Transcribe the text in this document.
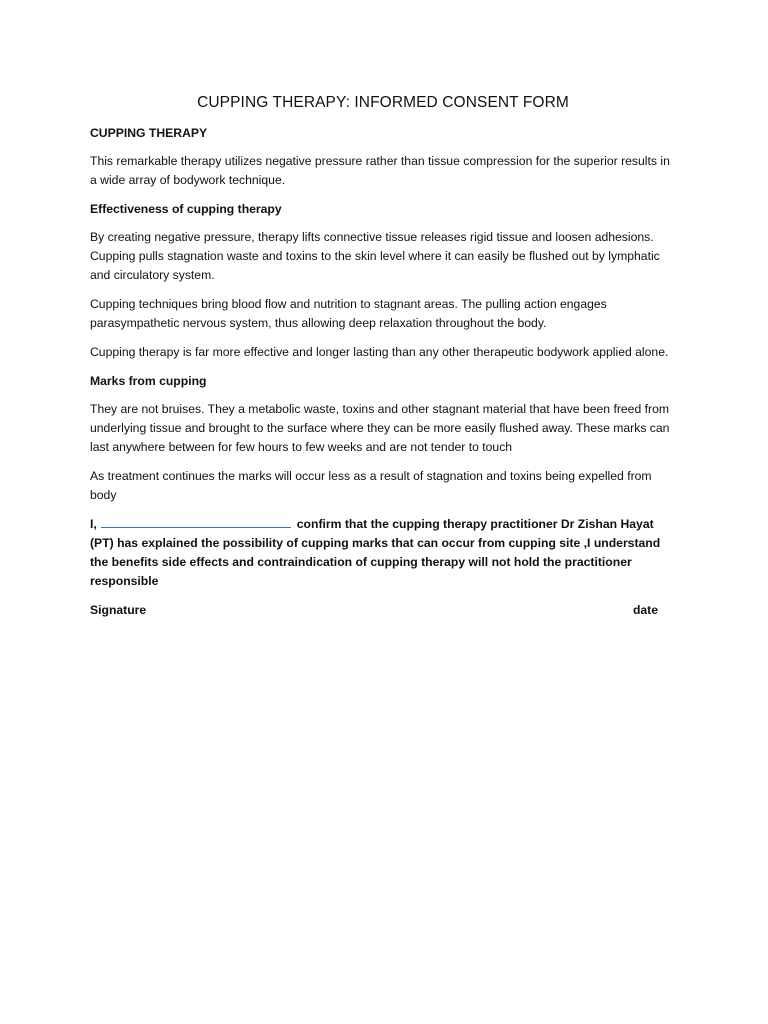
CUPPING THERAPY: INFORMED CONSENT FORM
CUPPING THERAPY

This remarkable therapy utilizes negative pressure rather than tissue compression for the superior results in a wide array of bodywork technique.

Effectiveness of cupping therapy

By creating negative pressure, therapy lifts connective tissue releases rigid tissue and loosen adhesions. Cupping pulls stagnation waste and toxins to the skin level where it can easily be flushed out by lymphatic and circulatory system.

Cupping techniques bring blood flow and nutrition to stagnant areas. The pulling action engages parasympathetic nervous system, thus allowing deep relaxation throughout the body.

Cupping therapy is far more effective and longer lasting than any other therapeutic bodywork applied alone.

Marks from cupping

They are not bruises. They a metabolic waste, toxins and other stagnant material that have been freed from underlying tissue and brought to the surface where they can be more easily flushed away. These marks can last anywhere between for few hours to few weeks and are not tender to touch

As treatment continues the marks will occur less as a result of stagnation and toxins being expelled from body

I,	confirm that the cupping therapy practitioner Dr Zishan Hayat (PT) has explained the possibility of cupping marks that can occur from cupping site ,I understand the benefits side effects and contraindication of cupping therapy will not hold the practitioner responsible
Signature	date
